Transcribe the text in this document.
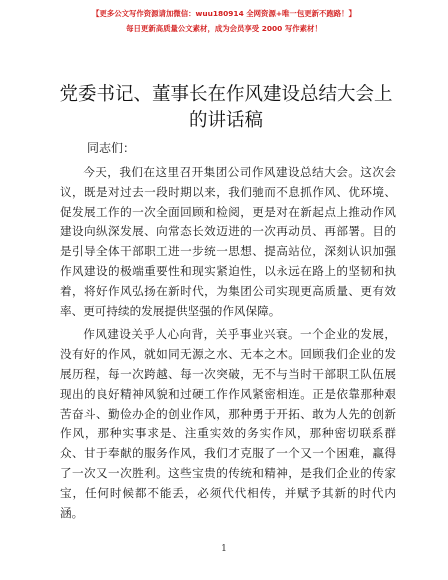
【更多公文写作资源请加微信：wuu180914 全网资源+唯一包更新不跑路！】
每日更新高质量公文素材，成为会员享受 2000 写作素材！
党委书记、董事长在作风建设总结大会上的讲话稿

同志们：

今天，我们在这里召开集团公司作风建设总结大会。这次会议，既是对过去一段时期以来，我们驰而不息抓作风、优环境、促发展工作的一次全面回顾和检阅，更是对在新起点上推动作风建设向纵深发展、向常态长效迈进的一次再动员、再部署。目的是引导全体干部职工进一步统一思想、提高站位，深刻认识加强作风建设的极端重要性和现实紧迫性，以永远在路上的坚韧和执着，将好作风弘扬在新时代，为集团公司实现更高质量、更有效率、更可持续的发展提供坚强的作风保障。

作风建设关乎人心向背，关乎事业兴衰。一个企业的发展，没有好的作风，就如同无源之水、无本之木。回顾我们企业的发展历程，每一次跨越、每一次突破，无不与当时干部职工队伍展现出的良好精神风貌和过硬工作作风紧密相连。正是依靠那种艰苦奋斗、勤俭办企的创业作风，那种勇于开拓、敢为人先的创新作风，那种实事求是、注重实效的务实作风，那种密切联系群众、甘于奉献的服务作风，我们才克服了一个又一个困难，赢得了一次又一次胜利。这些宝贵的传统和精神，是我们企业的传家宝，任何时候都不能丢，必须代代相传，并赋予其新的时代内涵。

1
